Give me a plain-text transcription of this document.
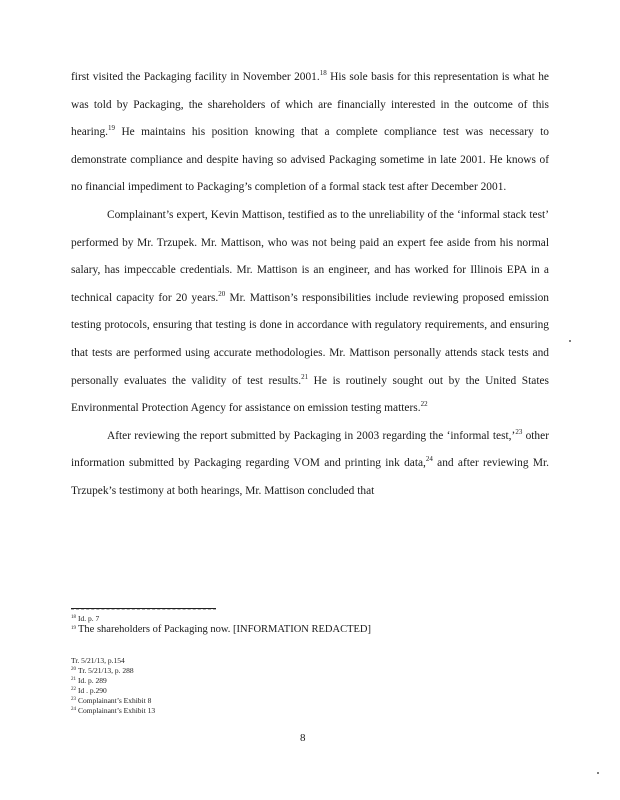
first visited the Packaging facility in November 2001.18 His sole basis for this representation is what he was told by Packaging, the shareholders of which are financially interested in the outcome of this hearing.$^{19}$ He maintains his position knowing that a complete compliance test was necessary to demonstrate compliance and despite having so advised Packaging sometime in late 2001. He knows of no financial impediment to Packaging’s completion of a formal stack test after December 2001.

Complainant’s expert, Kevin Mattison, testified as to the unreliability of the ‘informal stack test’ performed by Mr. Trzupek. Mr. Mattison, who was not being paid an expert fee aside from his normal salary, has impeccable credentials. Mr. Mattison is an engineer, and has worked for Illinois EPA in a technical capacity for 20 years.$^{20}$ Mr. Mattison’s responsibilities include reviewing proposed emission testing protocols, ensuring that testing is done in accordance with regulatory requirements, and ensuring that tests are performed using accurate methodologies. Mr. Mattison personally attends stack tests and personally evaluates the validity of test results.$^{21}$ He is routinely sought out by the United States Environmental Protection Agency for assistance on emission testing matters.$^{22}$

After reviewing the report submitted by Packaging in 2003 regarding the ‘informal test,’$^{23}$ other information submitted by Packaging regarding VOM and printing ink data,$^{24}$ and after reviewing Mr. Trzupek’s testimony at both hearings, Mr. Mattison concluded that

$^{18}$ Id. p. 7
$^{19}$ The shareholders of Packaging now. [INFORMATION REDACTED]
Tr. 5/21/13, p.154
$^{20}$ Tr. 5/21/13, p. 288
$^{21}$ Id. p. 289
$^{22}$ Id . p.290
$^{23}$ Complainant’s Exhibit 8
$^{24}$ Complainant’s Exhibit 13
8
